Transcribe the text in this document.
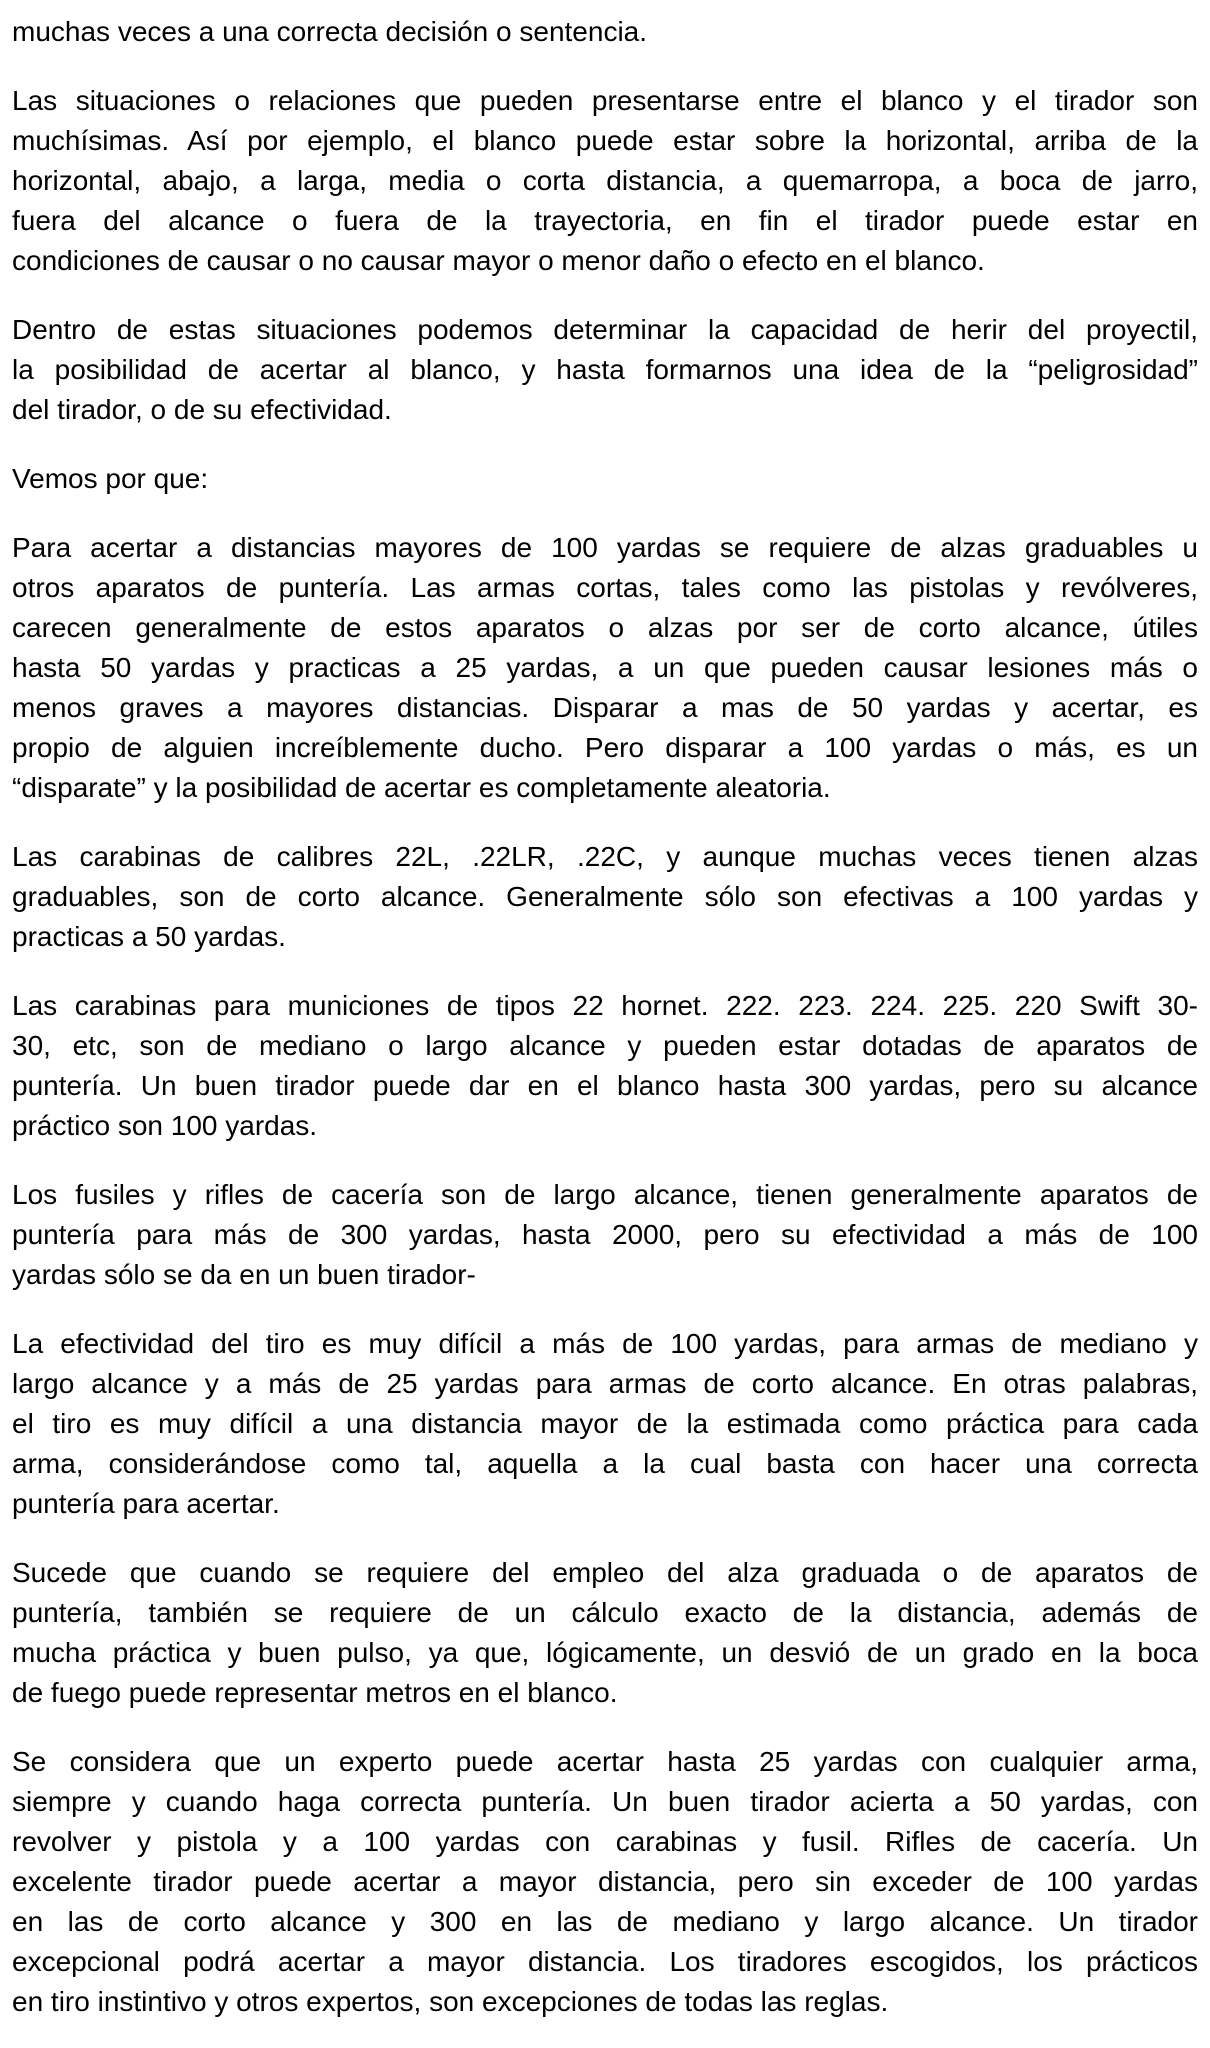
muchas veces a una correcta decisión o sentencia.
Las situaciones o relaciones que pueden presentarse entre el blanco y el tirador son
muchísimas. Así por ejemplo, el blanco puede estar sobre la horizontal, arriba de la
horizontal, abajo, a larga, media o corta distancia, a quemarropa, a boca de jarro,
fuera del alcance o fuera de la trayectoria, en fin el tirador puede estar en
condiciones de causar o no causar mayor o menor daño o efecto en el blanco.
Dentro de estas situaciones podemos determinar la capacidad de herir del proyectil,
la posibilidad de acertar al blanco, y hasta formarnos una idea de la “peligrosidad”
del tirador, o de su efectividad.
Vemos por que:
Para acertar a distancias mayores de 100 yardas se requiere de alzas graduables u
otros aparatos de puntería. Las armas cortas, tales como las pistolas y revólveres,
carecen generalmente de estos aparatos o alzas por ser de corto alcance, útiles
hasta 50 yardas y practicas a 25 yardas, a un que pueden causar lesiones más o
menos graves a mayores distancias. Disparar a mas de 50 yardas y acertar, es
propio de alguien increíblemente ducho. Pero disparar a 100 yardas o más, es un
“disparate” y la posibilidad de acertar es completamente aleatoria.
Las carabinas de calibres 22L, .22LR, .22C, y aunque muchas veces tienen alzas
graduables, son de corto alcance. Generalmente sólo son efectivas a 100 yardas y
practicas a 50 yardas.
Las carabinas para municiones de tipos 22 hornet. 222. 223. 224. 225. 220 Swift 30-
30, etc, son de mediano o largo alcance y pueden estar dotadas de aparatos de
puntería. Un buen tirador puede dar en el blanco hasta 300 yardas, pero su alcance
práctico son 100 yardas.
Los fusiles y rifles de cacería son de largo alcance, tienen generalmente aparatos de
puntería para más de 300 yardas, hasta 2000, pero su efectividad a más de 100
yardas sólo se da en un buen tirador-
La efectividad del tiro es muy difícil a más de 100 yardas, para armas de mediano y
largo alcance y a más de 25 yardas para armas de corto alcance. En otras palabras,
el tiro es muy difícil a una distancia mayor de la estimada como práctica para cada
arma, considerándose como tal, aquella a la cual basta con hacer una correcta
puntería para acertar.
Sucede que cuando se requiere del empleo del alza graduada o de aparatos de
puntería, también se requiere de un cálculo exacto de la distancia, además de
mucha práctica y buen pulso, ya que, lógicamente, un desvió de un grado en la boca
de fuego puede representar metros en el blanco.
Se considera que un experto puede acertar hasta 25 yardas con cualquier arma,
siempre y cuando haga correcta puntería. Un buen tirador acierta a 50 yardas, con
revolver y pistola y a 100 yardas con carabinas y fusil. Rifles de cacería. Un
excelente tirador puede acertar a mayor distancia, pero sin exceder de 100 yardas
en las de corto alcance y 300 en las de mediano y largo alcance. Un tirador
excepcional podrá acertar a mayor distancia. Los tiradores escogidos, los prácticos
en tiro instintivo y otros expertos, son excepciones de todas las reglas.
